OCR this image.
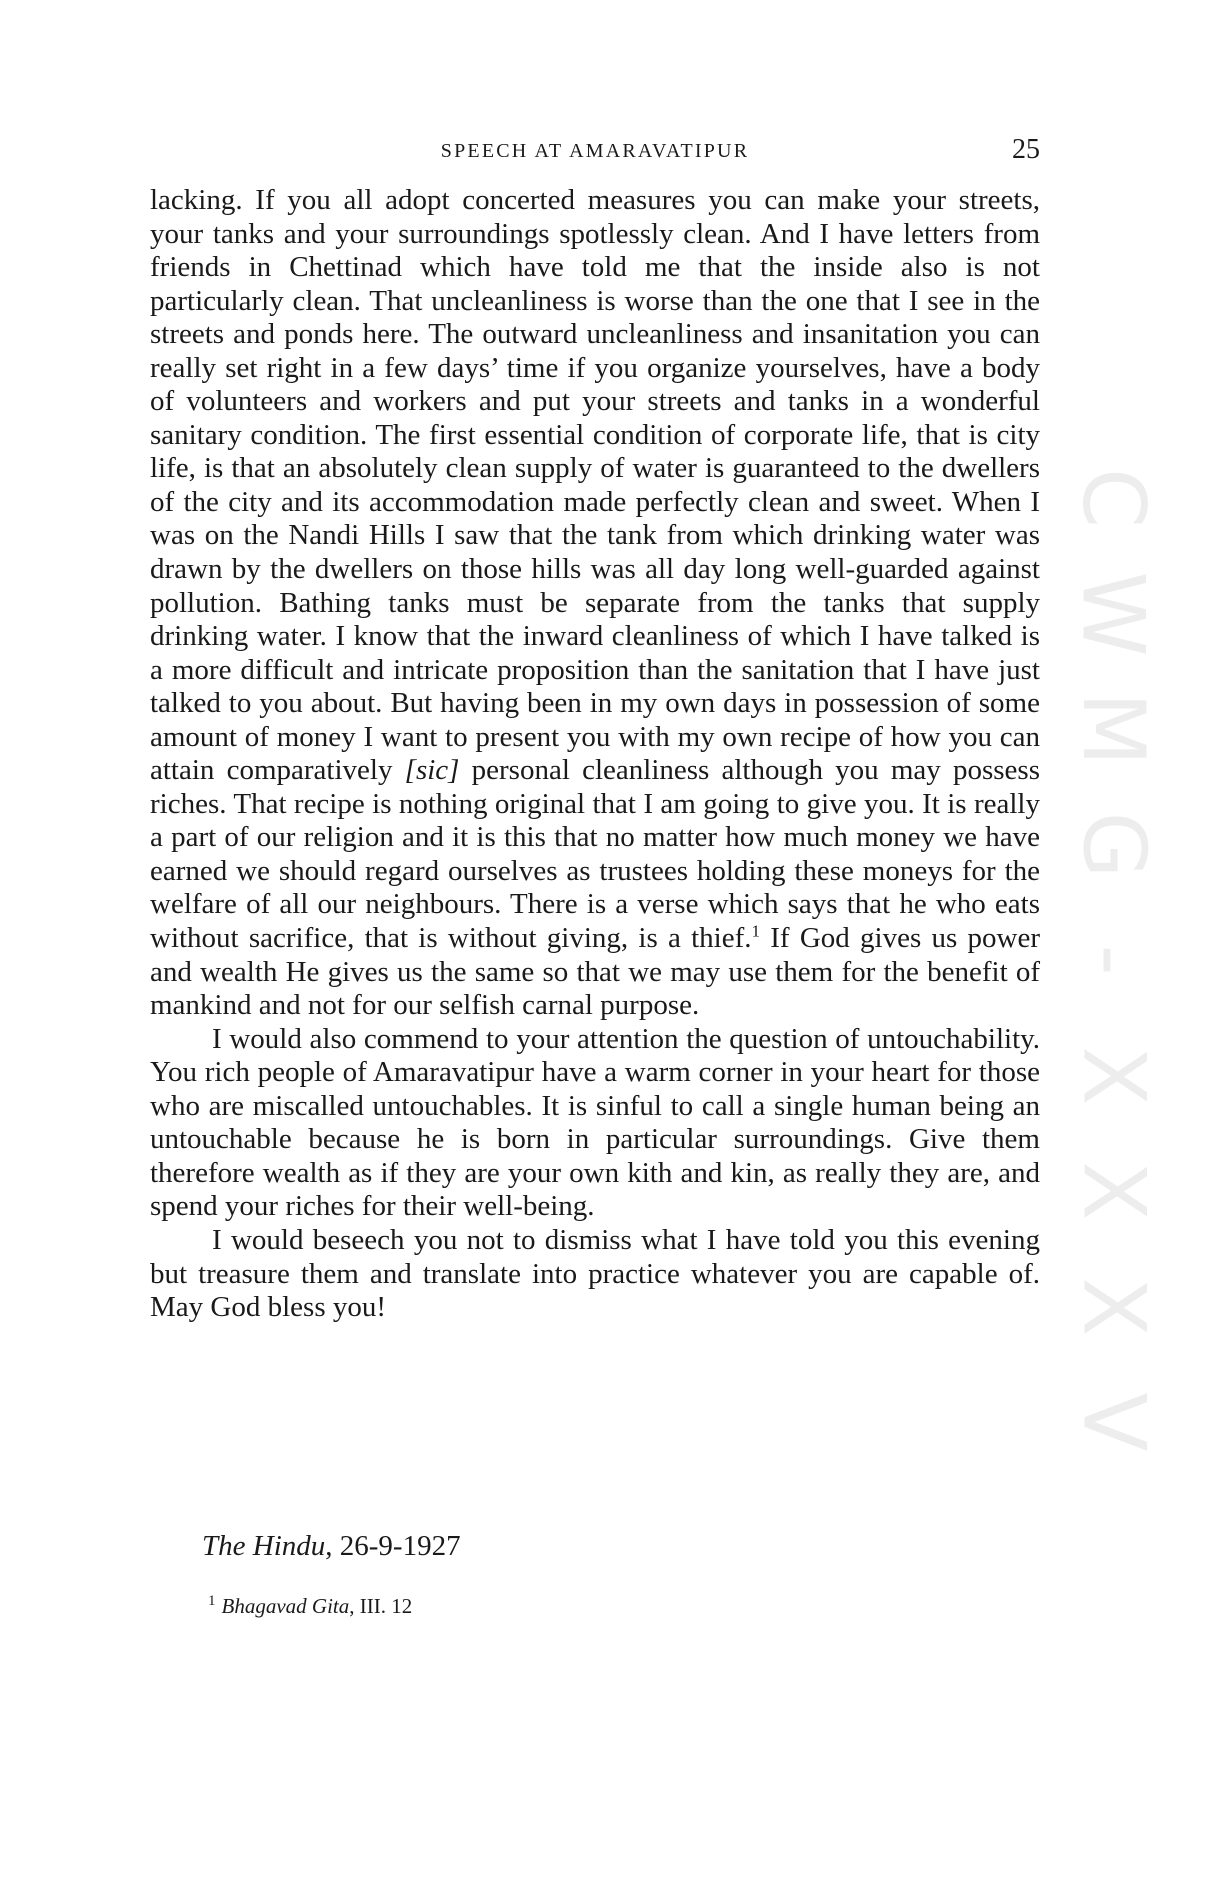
SPEECH AT AMARAVATIPUR	25

lacking. If you all adopt concerted measures you can make your streets, your tanks and your surroundings spotlessly clean. And I have letters from friends in Chettinad which have told me that the inside also is not particularly clean. That uncleanliness is worse than the one that I see in the streets and ponds here. The outward uncleanliness and insanitation you can really set right in a few days’ time if you organize yourselves, have a body of volunteers and workers and put your streets and tanks in a wonderful sanitary condition. The first essential condition of corporate life, that is city life, is that an absolutely clean supply of water is guaranteed to the dwellers of the city and its accommodation made perfectly clean and sweet. When I was on the Nandi Hills I saw that the tank from which drinking water was drawn by the dwellers on those hills was all day long well-guarded against pollution. Bathing tanks must be separate from the tanks that supply drinking water. I know that the inward cleanliness of which I have talked is a more difficult and intricate proposition than the sanitation that I have just talked to you about. But having been in my own days in possession of some amount of money I want to present you with my own recipe of how you can attain comparatively [sic] personal cleanliness although you may possess riches. That recipe is nothing original that I am going to give you. It is really a part of our religion and it is this that no matter how much money we have earned we should regard ourselves as trustees holding these moneys for the welfare of all our neighbours. There is a verse which says that he who eats without sacrifice, that is without giving, is a thief.$^1$ If God gives us power and wealth He gives us the same so that we may use them for the benefit of mankind and not for our selfish carnal purpose.

I would also commend to your attention the question of untouchability. You rich people of Amaravatipur have a warm corner in your heart for those who are miscalled untouchables. It is sinful to call a single human being an untouchable because he is born in particular surroundings. Give them therefore wealth as if they are your own kith and kin, as really they are, and spend your riches for their well-being.

I would beseech you not to dismiss what I have told you this evening but treasure them and translate into practice whatever you are capable of. May God bless you!

The Hindu, 26-9-1927
$^1$ Bhagavad Gita, III. 12
C
W
M
G
-
X
X
X
V
